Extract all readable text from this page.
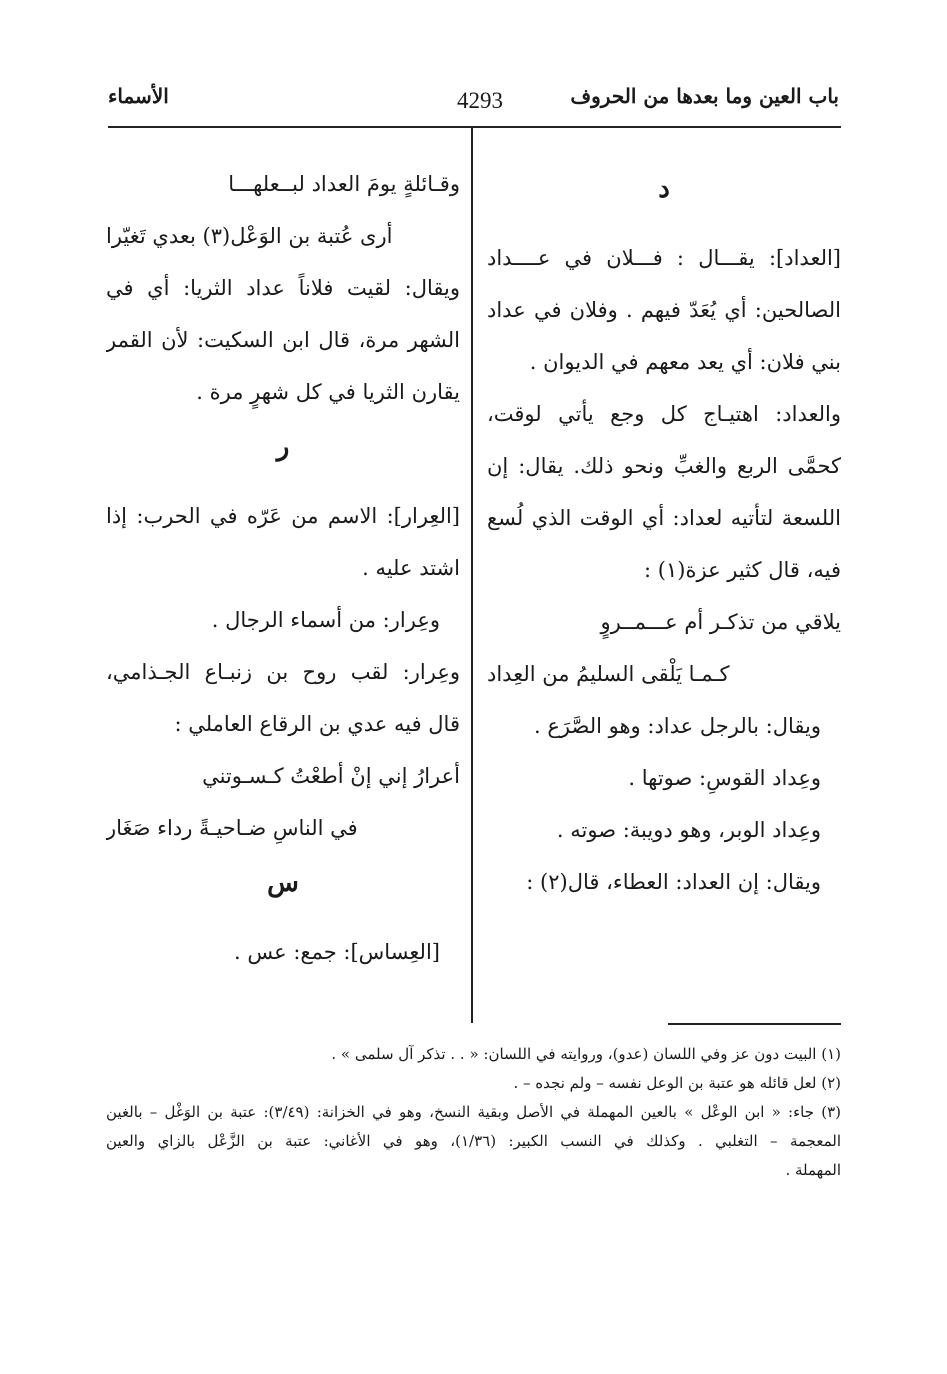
الأسماء	4293	باب العين وما بعدها من الحروف
د
[العداد]: يقـــال : فـــلان في عــــداد
الصالحين: أي يُعَدّ فيهم . وفلان في عداد
بني فلان: أي يعد معهم في الديوان .
والعداد: اهتيـاج كل وجع يأتي لوقت،
كحمَّى الربع والغبِّ ونحو ذلك. يقال: إن
اللسعة لتأتيه لعداد: أي الوقت الذي لُسع
فيه، قال كثير عزة(١) :
يلاقي من تذكـر أم عـــمــروٍ
كـمـا يَلْقى السليمُ من العِداد
ويقال: بالرجل عداد: وهو الصَّرَع .
وعِداد القوسِ: صوتها .
وعِداد الوبر، وهو دويبة: صوته .
ويقال: إن العداد: العطاء، قال(٢) :
وقـائلةٍ يومَ العداد لبــعلهـــا
أرى عُتبة بن الوَعْل(٣) بعدي تَغيّرا
ويقال: لقيت فلاناً عداد الثريا: أي في
الشهر مرة، قال ابن السكيت: لأن القمر
يقارن الثريا في كل شهرٍ مرة .
ر
[العِرار]: الاسم من عَرّه في الحرب: إذا
اشتد عليه .
وعِرار: من أسماء الرجال .
وعِرار: لقب روح بن زنبـاع الجـذامي،
قال فيه عدي بن الرقاع العاملي :
أعرارُ إني إنْ أطعْتُ كـسـوتني
في الناسِ ضـاحيـةً رداء صَغَار
س
[العِساس]: جمع: عس .
(١) البيت دون عز وفي اللسان (عدو)، وروايته في اللسان: « . . تذكر آل سلمى » .
(٢) لعل قائله هو عتبة بن الوعل نفسه – ولم نجده – .
(٣) جاء: « ابن الوعْل » بالعين المهملة في الأصل وبقية النسخ، وهو في الخزانة: (٣/٤٩): عتبة بن الوَغْل – بالغين
المعجمة – التغلبي . وكذلك في النسب الكبير: (١/٣٦)، وهو في الأغاني: عتبة بن الزَّعْل بالزاي والعين
المهملة .
